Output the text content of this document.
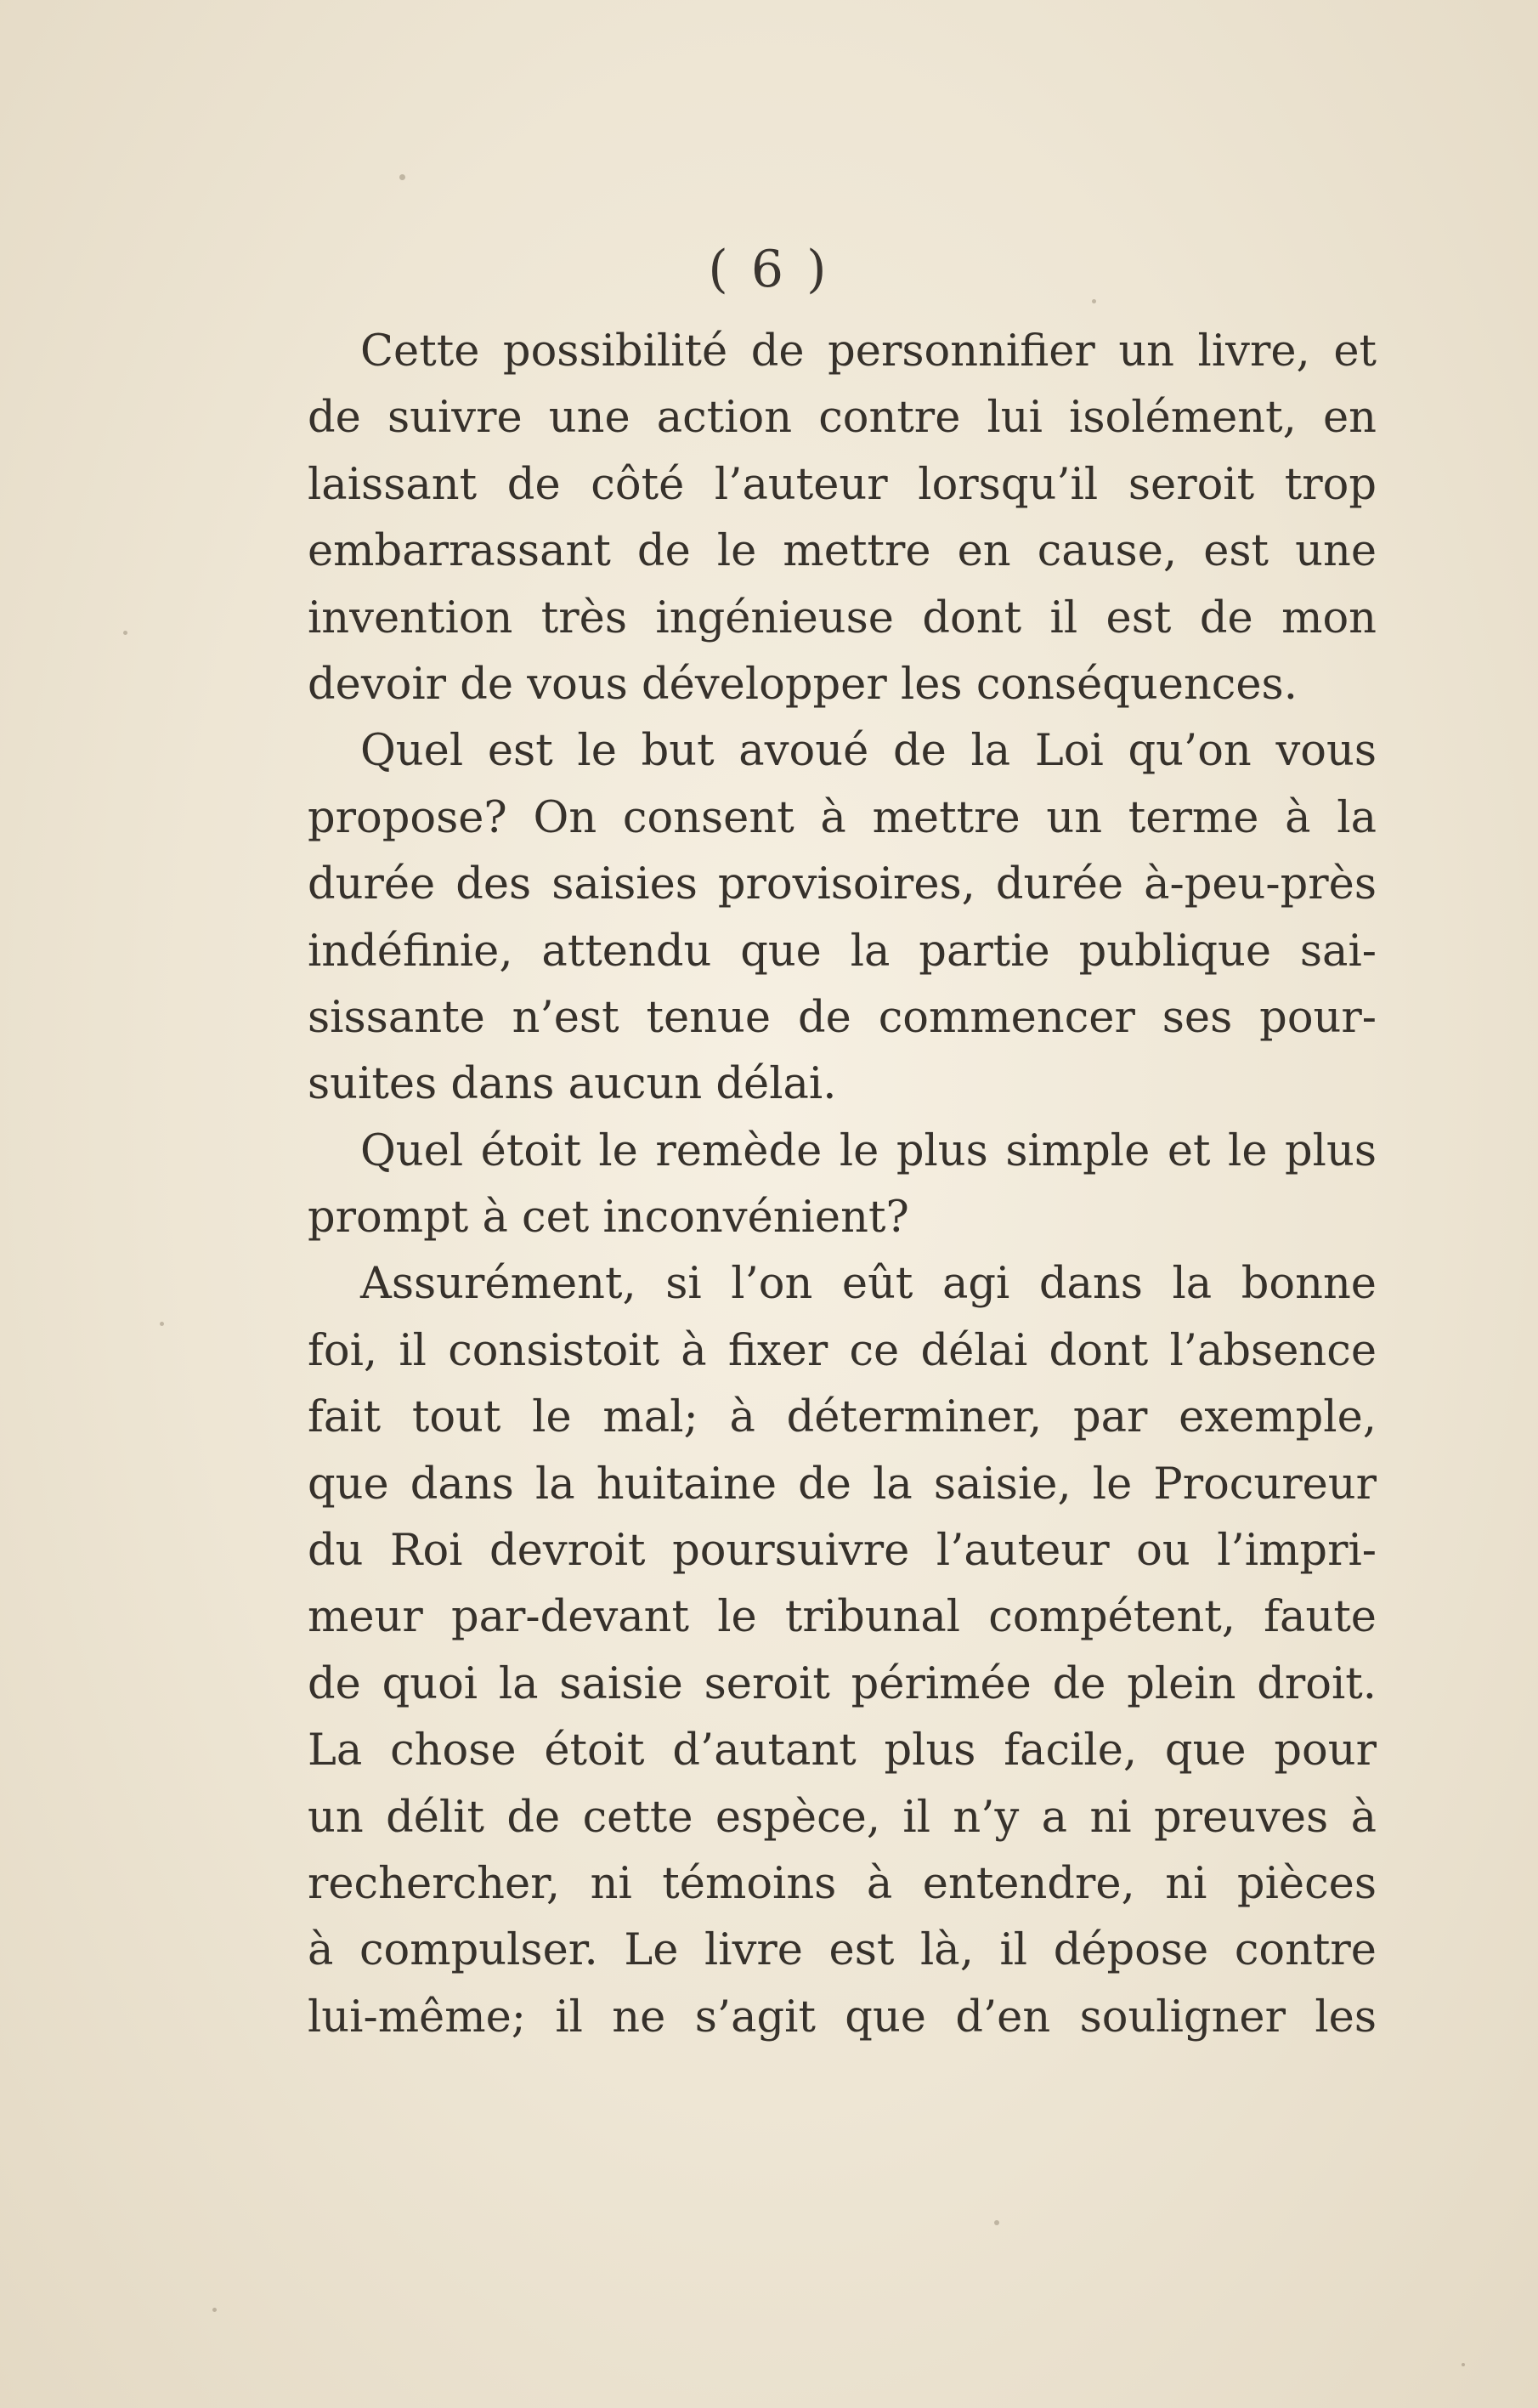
( 6 )

Cette possibilité de personnifier un livre, et
de suivre une action contre lui isolément, en
laissant de côté l’auteur lorsqu’il seroit trop
embarrassant de le mettre en cause, est une
invention très ingénieuse dont il est de mon
devoir de vous développer les conséquences.
Quel est le but avoué de la Loi qu’on vous
propose? On consent à mettre un terme à la
durée des saisies provisoires, durée à-peu-près
indéfinie, attendu que la partie publique sai-
sissante n’est tenue de commencer ses pour-
suites dans aucun délai.
Quel étoit le remède le plus simple et le plus
prompt à cet inconvénient?
Assurément, si l’on eût agi dans la bonne
foi, il consistoit à fixer ce délai dont l’absence
fait tout le mal; à déterminer, par exemple,
que dans la huitaine de la saisie, le Procureur
du Roi devroit poursuivre l’auteur ou l’impri-
meur par-devant le tribunal compétent, faute
de quoi la saisie seroit périmée de plein droit.
La chose étoit d’autant plus facile, que pour
un délit de cette espèce, il n’y a ni preuves à
rechercher, ni témoins à entendre, ni pièces
à compulser. Le livre est là, il dépose contre
lui-même; il ne s’agit que d’en souligner les
